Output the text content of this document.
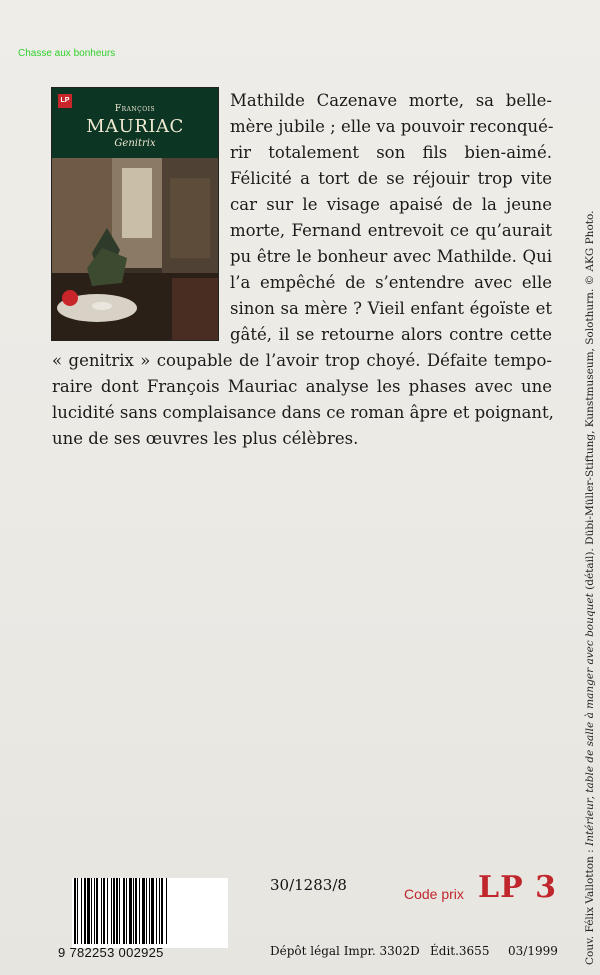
Chasse aux bonheurs
LP
François
MAURIAC
Genitrix
Mathilde Cazenave morte, sa belle-
mère jubile ; elle va pouvoir reconqué-
rir totalement son fils bien-aimé.
Félicité a tort de se réjouir trop vite
car sur le visage apaisé de la jeune
morte, Fernand entrevoit ce qu’aurait
pu être le bonheur avec Mathilde. Qui
l’a empêché de s’entendre avec elle
sinon sa mère ? Vieil enfant égoïste et
gâté, il se retourne alors contre cette
« genitrix » coupable de l’avoir trop choyé. Défaite tempo-
raire dont François Mauriac analyse les phases avec une
lucidité sans complaisance dans ce roman âpre et poignant,
une de ses œuvres les plus célèbres.
Couv. Félix Vallotton : Intérieur, table de salle à manger avec bouquet (détail). Dübi-Müller-Stiftung, Kunstmuseum, Solothurn. © AKG Photo.
9 782253 002925
30/1283/8	Code prix LP 3
Dépôt légal Impr. 3302D Édit.3655 03/1999
